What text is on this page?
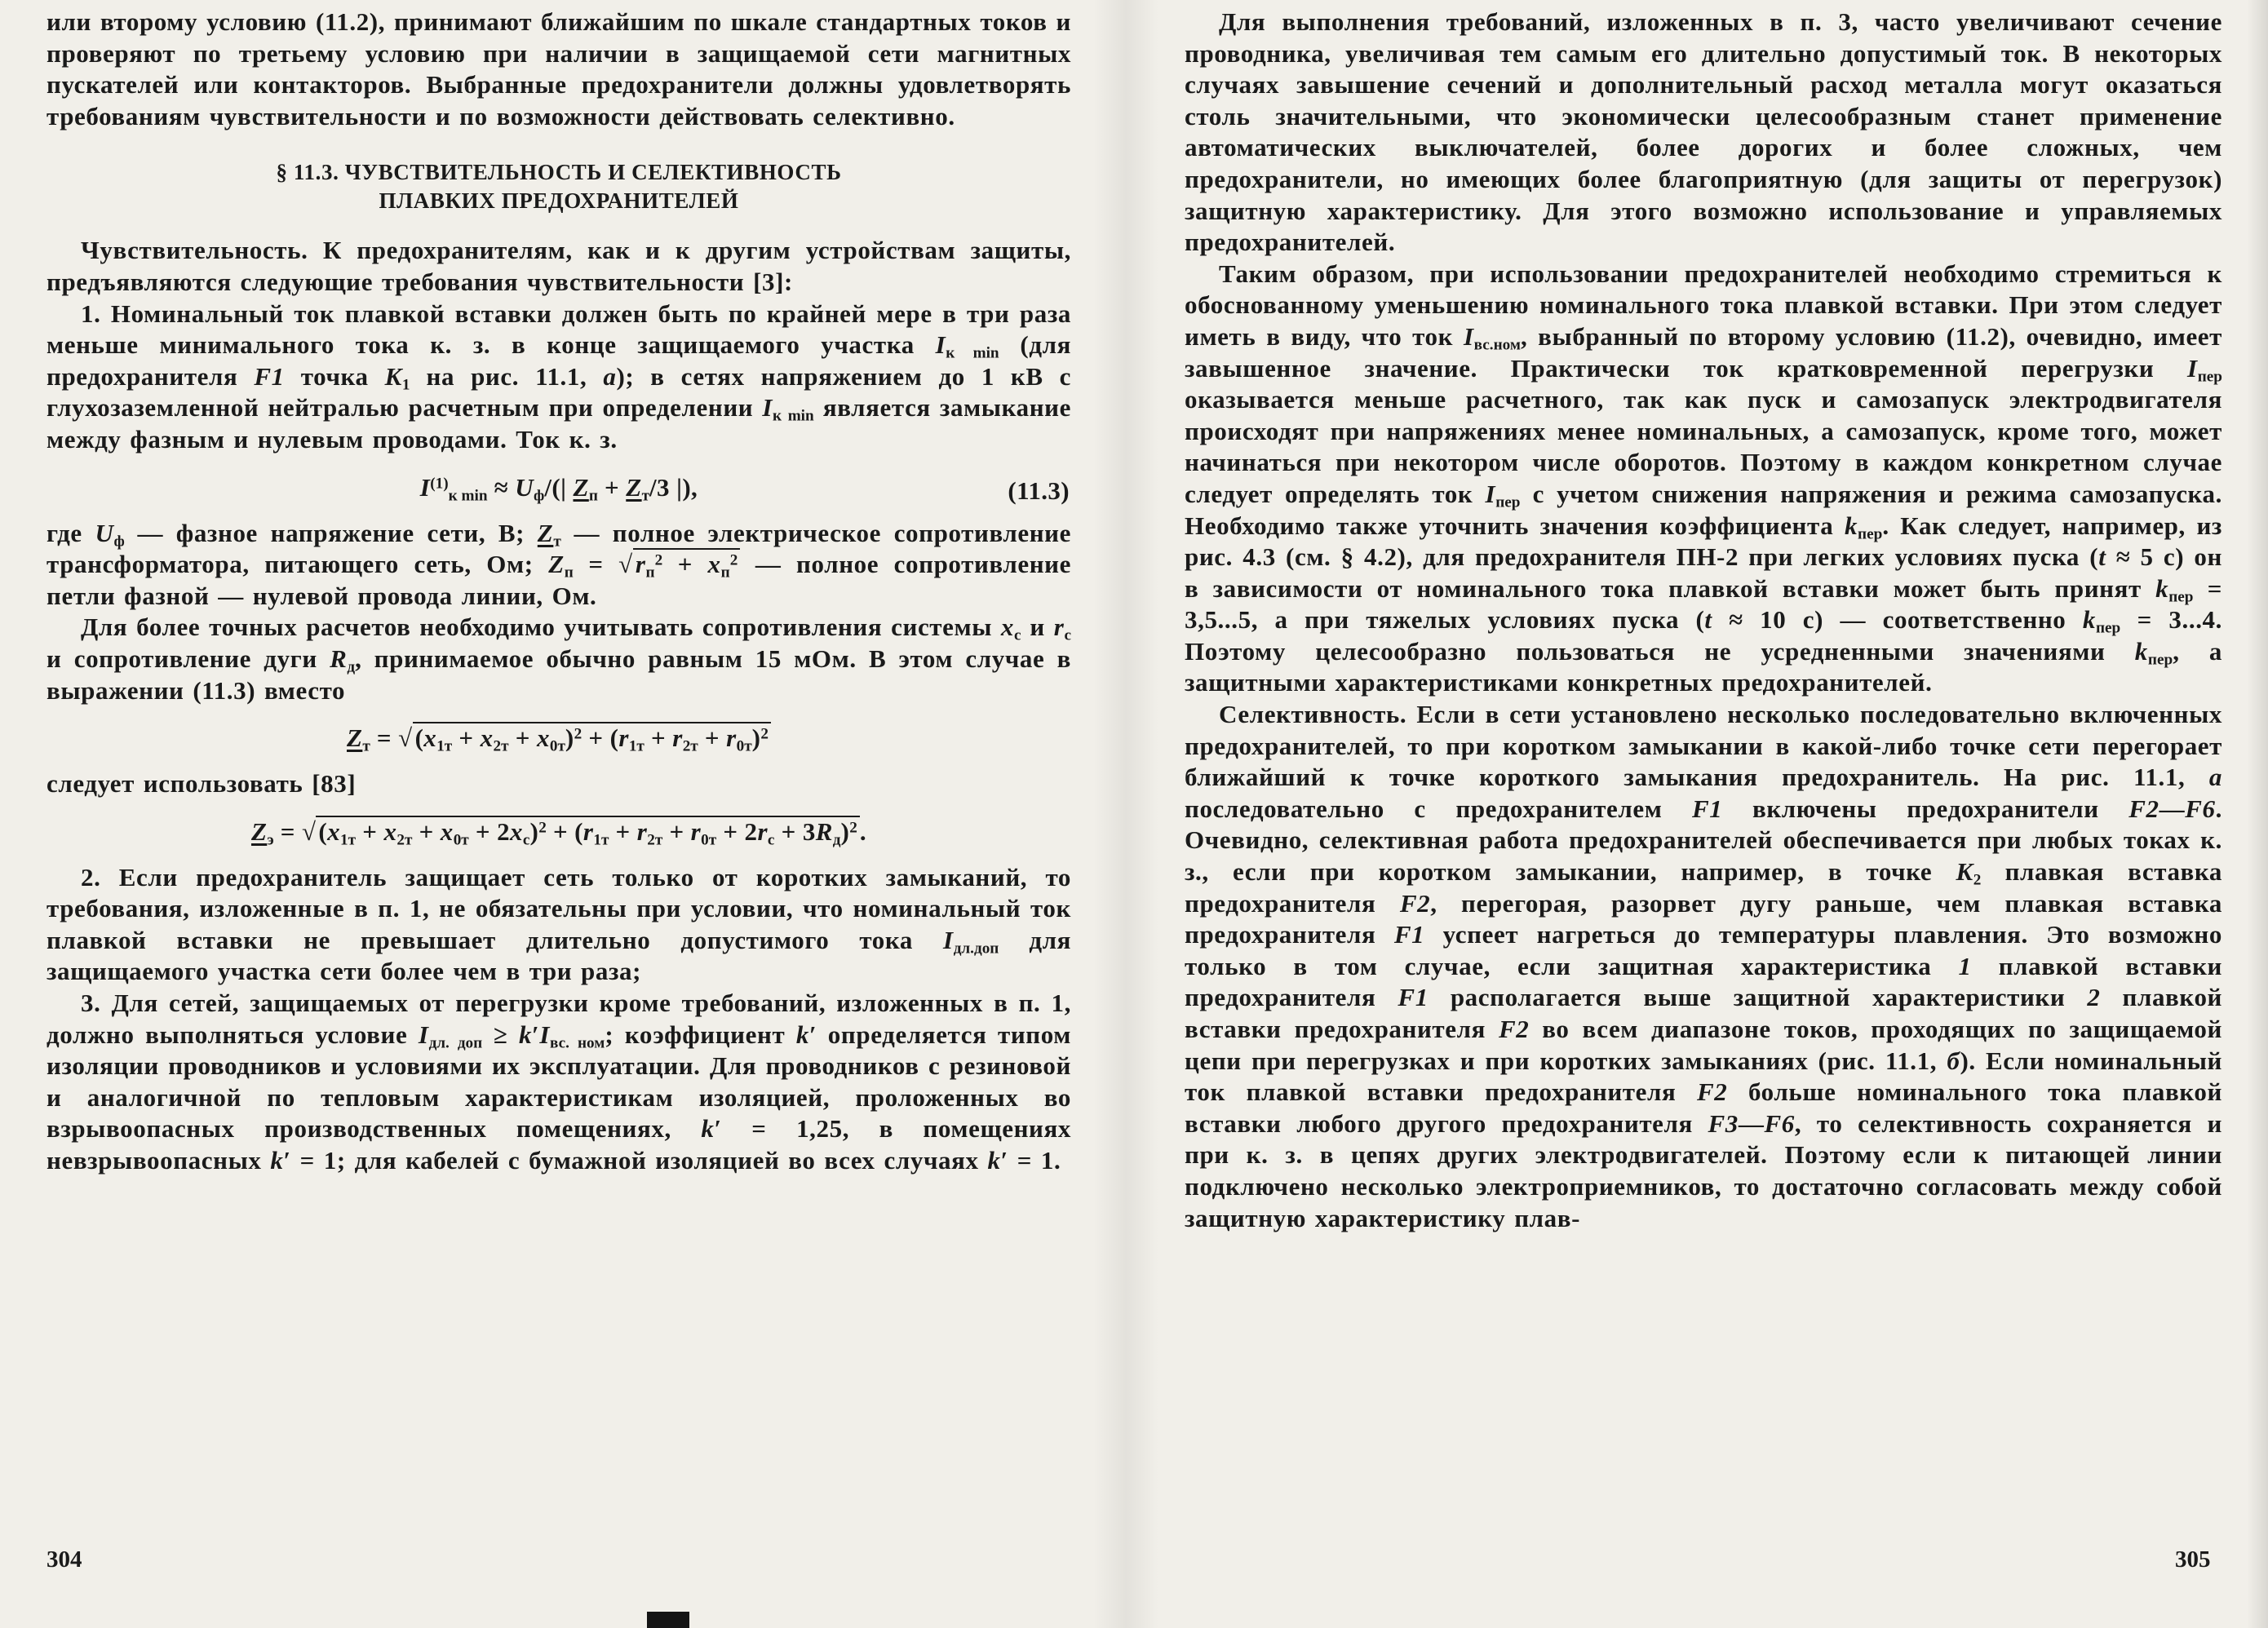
или второму условию (11.2), принимают ближайшим по шкале стандартных токов и проверяют по третьему условию при наличии в защищаемой сети магнитных пускателей или контакторов. Выбранные предохранители должны удовлетворять требованиям чувствительности и по возможности действовать селективно.

§ 11.3. ЧУВСТВИТЕЛЬНОСТЬ И СЕЛЕКТИВНОСТЬ
ПЛАВКИХ ПРЕДОХРАНИТЕЛЕЙ

Чувствительность. К предохранителям, как и к другим устройствам защиты, предъявляются следующие требования чувствительности [3]:

1. Номинальный ток плавкой вставки должен быть по крайней мере в три раза меньше минимального тока к. з. в конце защищаемого участка $I_{к min}$ (для предохранителя F1 точка $K_1$ на рис. 11.1, а); в сетях напряжением до 1 кВ с глухозаземленной нейтралью расчетным при определении $I_{к min}$ является замыкание между фазным и нулевым проводами. Ток к. з.

$I^{(1)}_{к min} \approx U_ф/(|$ $Z_п + Z_т/3$ |),	(11.3)

где $U_ф$ — фазное напряжение сети, В; $Z_т$ — полное электрическое сопротивление трансформатора, питающего сеть, Ом; $Z_п = √r_п^2 + x_п^2$ — полное сопротивление петли фазной — нулевой провода линии, Ом.

Для более точных расчетов необходимо учитывать сопротивления системы $x_с$ и $r_с$ и сопротивление дуги $R_д$, принимаемое обычно равным 15 мОм. В этом случае в выражении (11.3) вместо

$Z_т = √(x_{1т} + x_{2т} + x_{0т})^2 + (r_{1т} + r_{2т} + r_{0т})^2$

следует использовать [83]

$Z_э = √(x_{1т} + x_{2т} + x_{0т} + 2x_с)^2 + (r_{1т} + r_{2т} + r_{0т} + 2r_с + 3R_д)^2$.

2. Если предохранитель защищает сеть только от коротких замыканий, то требования, изложенные в п. 1, не обязательны при условии, что номинальный ток плавкой вставки не превышает длительно допустимого тока $I_{дл.доп}$ для защищаемого участка сети более чем в три раза;

3. Для сетей, защищаемых от перегрузки кроме требований, изложенных в п. 1, должно выполняться условие $I_{дл. доп} \ge k'I_{вс. ном}$; коэффициент k′ определяется типом изоляции проводников и условиями их эксплуатации. Для проводников с резиновой и аналогичной по тепловым характеристикам изоляцией, проложенных во взрывоопасных производственных помещениях, k′ = 1,25, в помещениях невзрывоопасных k′ = 1; для кабелей с бумажной изоляцией во всех случаях k′ = 1.

Для выполнения требований, изложенных в п. 3, часто увеличивают сечение проводника, увеличивая тем самым его длительно допустимый ток. В некоторых случаях завышение сечений и дополнительный расход металла могут оказаться столь значительными, что экономически целесообразным станет применение автоматических выключателей, более дорогих и более сложных, чем предохранители, но имеющих более благоприятную (для защиты от перегрузок) защитную характеристику. Для этого возможно использование и управляемых предохранителей.

Таким образом, при использовании предохранителей необходимо стремиться к обоснованному уменьшению номинального тока плавкой вставки. При этом следует иметь в виду, что ток $I_{вс.ном}$, выбранный по второму условию (11.2), очевидно, имеет завышенное значение. Практически ток кратковременной перегрузки $I_{пер}$ оказывается меньше расчетного, так как пуск и самозапуск электродвигателя происходят при напряжениях менее номинальных, а самозапуск, кроме того, может начинаться при некотором числе оборотов. Поэтому в каждом конкретном случае следует определять ток $I_{пер}$ с учетом снижения напряжения и режима самозапуска. Необходимо также уточнить значения коэффициента $k_{пер}$. Как следует, например, из рис. 4.3 (см. § 4.2), для предохранителя ПН-2 при легких условиях пуска (t ≈ 5 с) он в зависимости от номинального тока плавкой вставки может быть принят $k_{пер} = 3,5...5$, а при тяжелых условиях пуска (t ≈ 10 с) — соответственно $k_{пер} = 3...4$. Поэтому целесообразно пользоваться не усредненными значениями $k_{пер}$, а защитными характеристиками конкретных предохранителей.

Селективность. Если в сети установлено несколько последовательно включенных предохранителей, то при коротком замыкании в какой-либо точке сети перегорает ближайший к точке короткого замыкания предохранитель. На рис. 11.1, а последовательно с предохранителем F1 включены предохранители F2—F6. Очевидно, селективная работа предохранителей обеспечивается при любых токах к. з., если при коротком замыкании, например, в точке $K_2$ плавкая вставка предохранителя F2, перегорая, разорвет дугу раньше, чем плавкая вставка предохранителя F1 успеет нагреться до температуры плавления. Это возможно только в том случае, если защитная характеристика 1 плавкой вставки предохранителя F1 располагается выше защитной характеристики 2 плавкой вставки предохранителя F2 во всем диапазоне токов, проходящих по защищаемой цепи при перегрузках и при коротких замыканиях (рис. 11.1, б). Если номинальный ток плавкой вставки предохранителя F2 больше номинального тока плавкой вставки любого другого предохранителя F3—F6, то селективность сохраняется и при к. з. в цепях других электродвигателей. Поэтому если к питающей линии подключено несколько электроприемников, то достаточно согласовать между собой защитную характеристику плав-

304	305
